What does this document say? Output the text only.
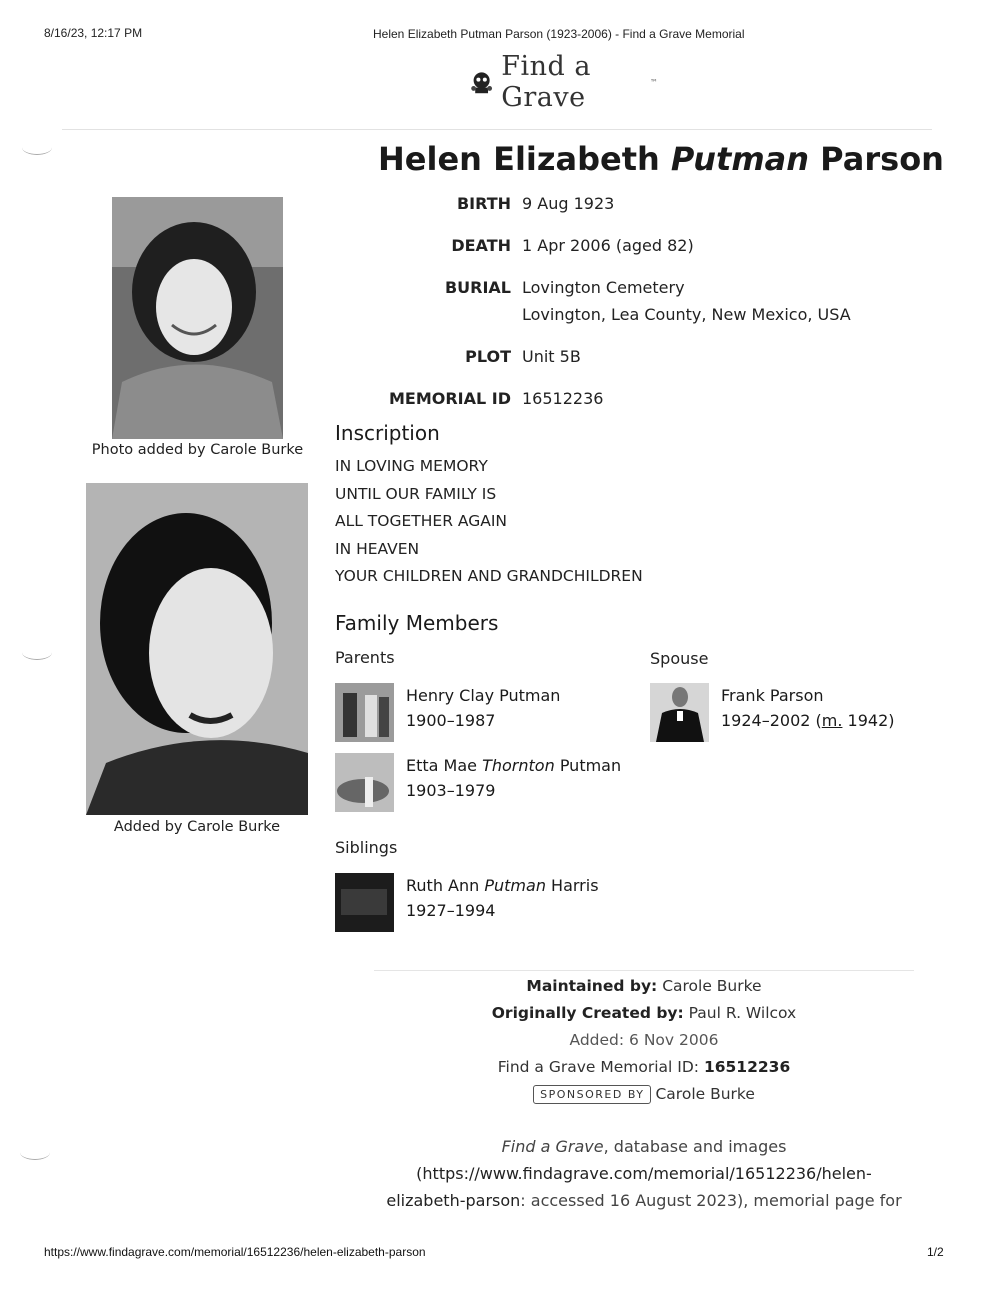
8/16/23, 12:17 PM	Helen Elizabeth Putman Parson (1923-2006) - Find a Grave Memorial
Find a Grave	™
Helen Elizabeth Putman Parson
BIRTH 9 Aug 1923
DEATH 1 Apr 2006 (aged 82)
BURIAL Lovington Cemetery
Lovington, Lea County, New Mexico, USA
PLOT Unit 5B
MEMORIAL ID 16512236
Photo added by Carole Burke
Added by Carole Burke
Inscription
IN LOVING MEMORY
UNTIL OUR FAMILY IS
ALL TOGETHER AGAIN
IN HEAVEN
YOUR CHILDREN AND GRANDCHILDREN
Family Members
Parents	Spouse
Henry Clay Putman
1900–1987
Etta Mae Thornton Putman
1903–1979
Frank Parson
1924–2002 (m. 1942)
Siblings
Ruth Ann Putman Harris
1927–1994
Maintained by: Carole Burke
Originally Created by: Paul R. Wilcox
Added: 6 Nov 2006
Find a Grave Memorial ID: 16512236
SPONSORED BY Carole Burke
Find a Grave, database and images
(https://www.findagrave.com/memorial/16512236/helen-
elizabeth-parson: accessed 16 August 2023), memorial page for
https://www.findagrave.com/memorial/16512236/helen-elizabeth-parson	1/2
